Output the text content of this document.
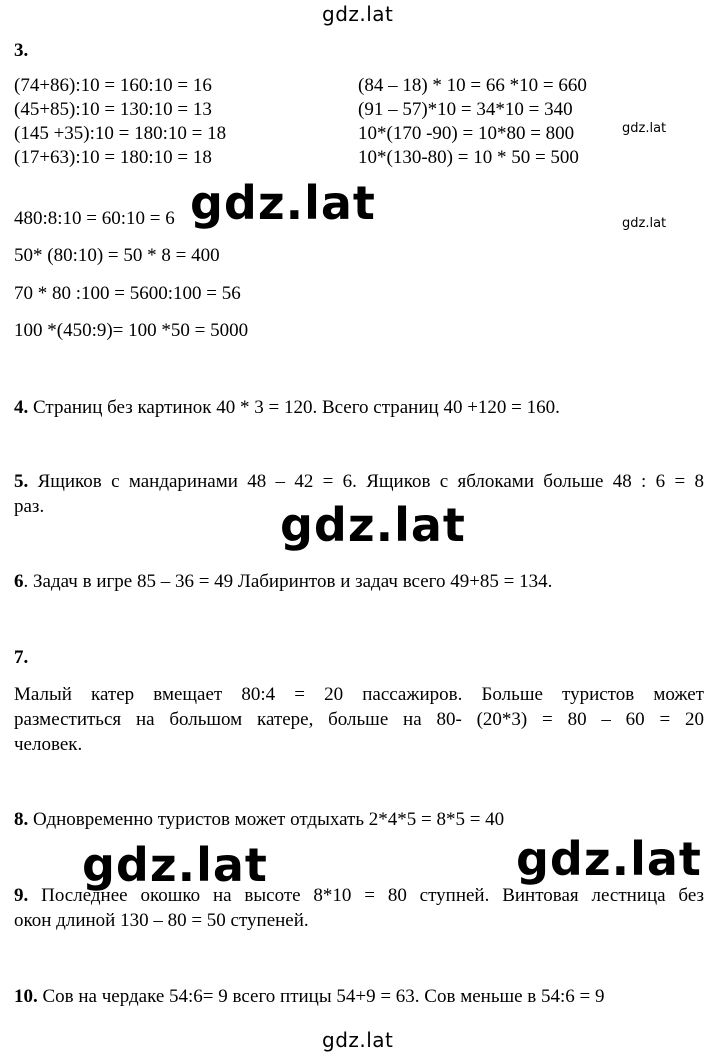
gdz.lat
gdz.lat
gdz.lat
gdz.lat
gdz.lat
gdz.lat	gdz.lat
gdz.lat
3.
(74+86):10 = 160:10 = 16
(45+85):10 = 130:10 = 13
(145 +35):10 = 180:10 = 18
(17+63):10 = 180:10 = 18
(84 – 18) * 10 = 66 *10 = 660
(91 – 57)*10 = 34*10 = 340
10*(170 -90) = 10*80 = 800
10*(130-80) = 10 * 50 = 500
480:8:10 = 60:10 = 6
50* (80:10) = 50 * 8 = 400
70 * 80 :100 = 5600:100 = 56
100 *(450:9)= 100 *50 = 5000
4. Страниц без картинок 40 * 3 = 120. Всего страниц 40 +120 = 160.
5. Ящиков с мандаринами 48 – 42 = 6. Ящиков с яблоками больше 48 : 6 = 8
раз.
6. Задач в игре 85 – 36 = 49 Лабиринтов и задач всего 49+85 = 134.
7.
Малый катер вмещает 80:4 = 20 пассажиров. Больше туристов может
разместиться на большом катере, больше на 80- (20*3) = 80 – 60 = 20
человек.
8. Одновременно туристов может отдыхать 2*4*5 = 8*5 = 40
9. Последнее окошко на высоте 8*10 = 80 ступней. Винтовая лестница без
окон длиной 130 – 80 = 50 ступеней.
10. Сов на чердаке 54:6= 9 всего птицы 54+9 = 63. Сов меньше в 54:6 = 9
